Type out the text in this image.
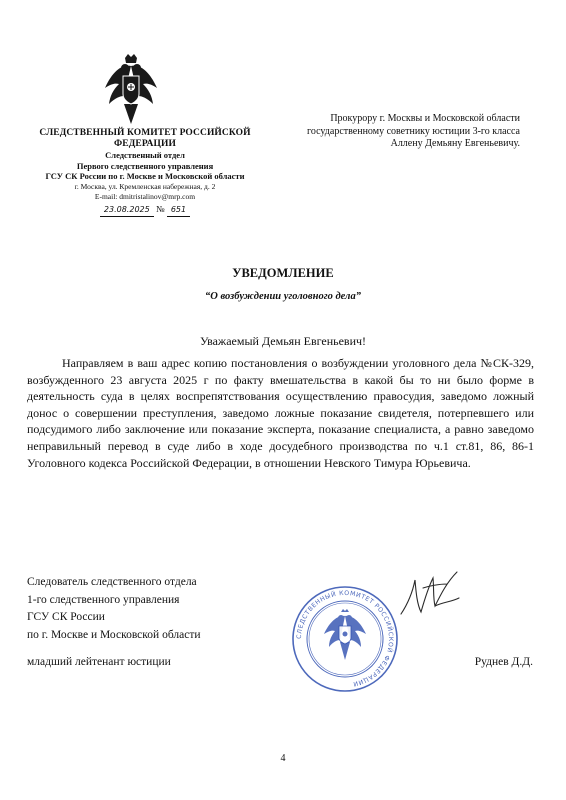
СЛЕДСТВЕННЫЙ КОМИТЕТ РОССИЙСКОЙ
ФЕДЕРАЦИИ
Следственный отдел
Первого следственного управления
ГСУ СК России по г. Москве и Московской области
г. Москва, ул. Кремленская набережная, д. 2
E-mail: dmitristalinov@mrp.com
23.08.2025 № 651
Прокурору г. Москвы и Московской области
государственному советнику юстиции 3-го класса
Аллену Демьяну Евгеньевичу.
УВЕДОМЛЕНИЕ
“О возбуждении уголовного дела”
Уважаемый Демьян Евгеньевич!
Направляем в ваш адрес копию постановления о возбуждении уголовного дела №СК-329, возбужденного 23 августа 2025 г по факту вмешательства в какой бы то ни было форме в деятельность суда в целях воспрепятствования осуществлению правосудия, заведомо ложный донос о совершении преступления, заведомо ложные показание свидетеля, потерпевшего или подсудимого либо заключение или показание эксперта, показание специалиста, а равно заведомо неправильный перевод в суде либо в ходе досудебного производства по ч.1 ст.81, 86, 86-1 Уголовного кодекса Российской Федерации, в отношении Невского Тимура Юрьевича.
Следователь следственного отдела
1-го следственного управления
ГСУ СК России
по г. Москве и Московской области
младший лейтенант юстиции	Руднев Д.Д.
СЛЕДСТВЕННЫЙ КОМИТЕТ РОССИЙСКОЙ ФЕДЕРАЦИИ
4
